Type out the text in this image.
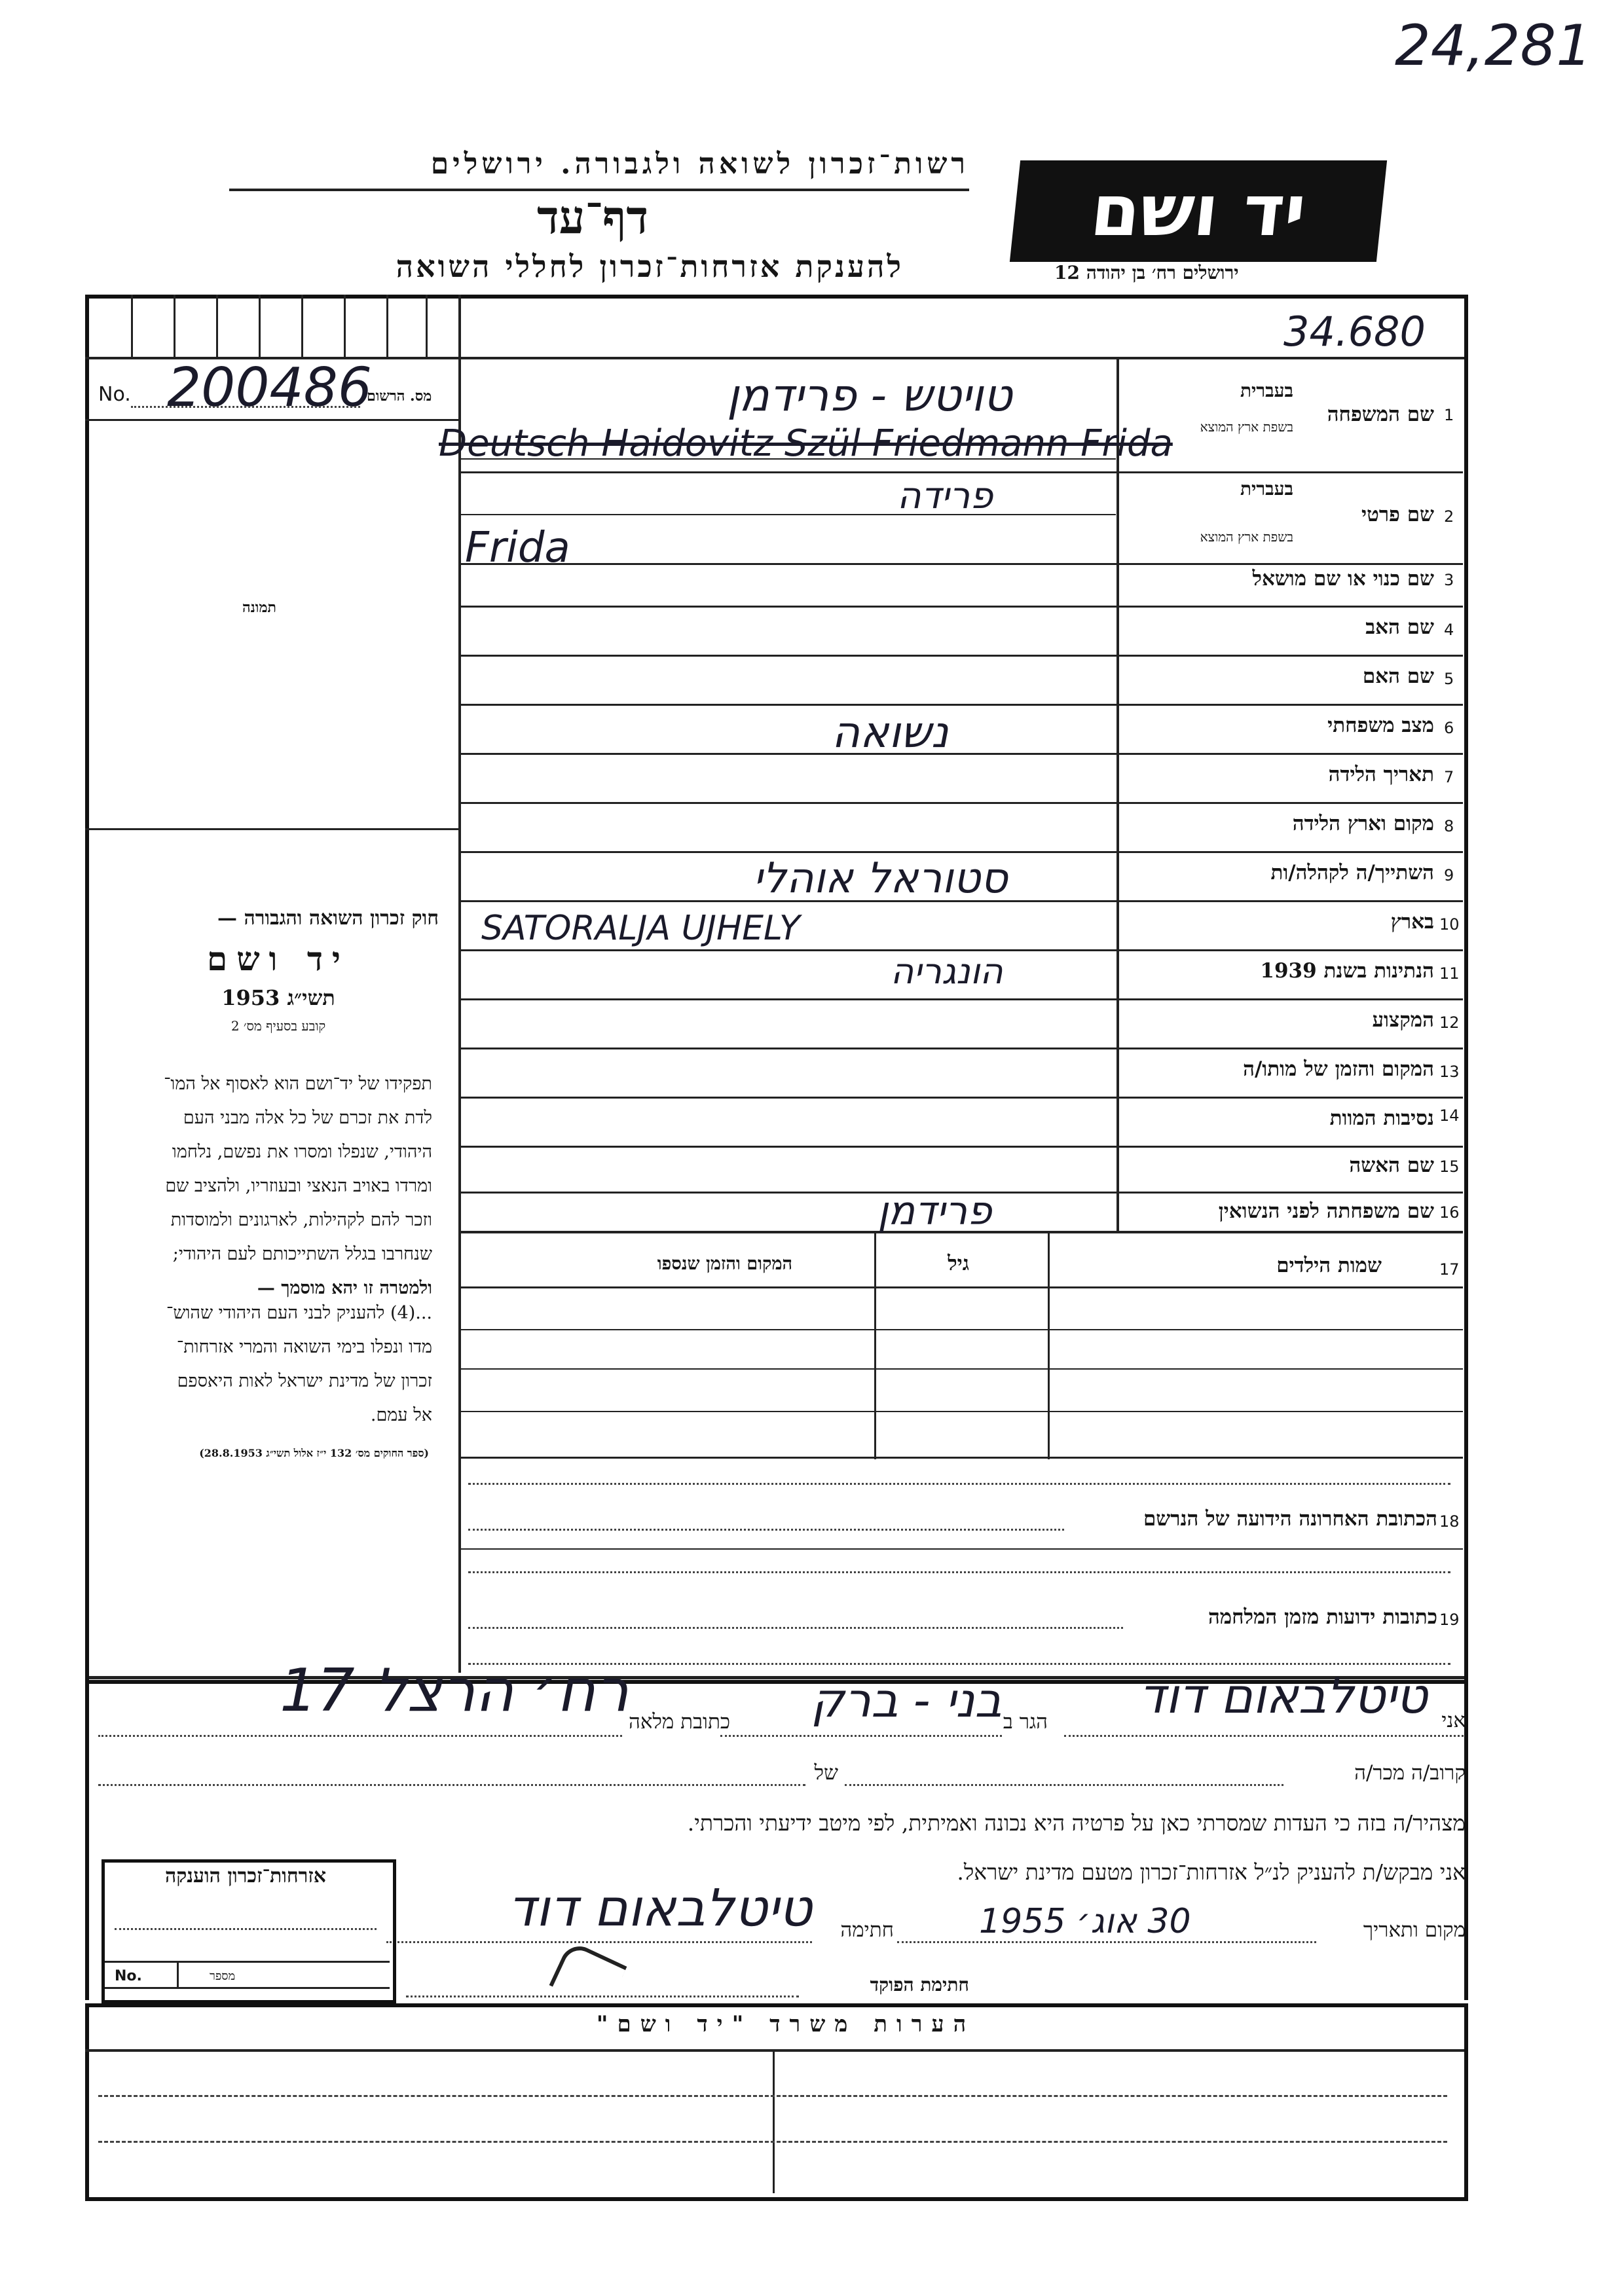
24,281
רשות־זכרון לשואה ולגבורה. ירושלים
דף־עד
להענקת אזרחות־זכרון לחללי השואה
יד ושם
ירושלים רח׳ בן יהודה 12
34.680
No. 200486
מס. הרשום
תמונה
חוק זכרון השואה והגבורה —
יד ושם
תשי״ג 1953
קובע בסעיף מס׳ 2
תפקידו של יד־ושם הוא לאסוף אל המו־
לדת את זכרם של כל אלה מבני העם
היהודי, שנפלו ומסרו את נפשם, נלחמו
ומרדו באויב הנאצי ובעוזריו, ולהציב שם
וזכר להם לקהילות, לארגונים ולמוסדות
שנחרבו בגלל השתייכותם לעם היהודי;
ולמטרה זו יהא מוסמך —
...(4) להעניק לבני העם היהודי שהוש־
מדו ונפלו בימי השואה והמרי אזרחות־
זכרון של מדינת ישראל לאות היאספם
אל עמם.
(ספר החוקים מס׳ 132 י״ז אלול תשי״ג 28.8.1953)
1
שם המשפחה
בעברית
בשפת ארץ המוצא
2
שם פרטי
בעברית
בשפת ארץ המוצא
3
שם כנוי או שם מושאל
4
שם האב
5
שם האם
6
מצב משפחתי
7
תאריך הלידה
8
מקום וארץ הלידה
9
השתייך/ה לקהלה/ות
10
בארץ
11
הנתינות בשנת 1939
12
המקצוע
13
המקום והזמן של מותו/ה
14
נסיבות המוות
15
שם האשה
16
שם משפחתה לפני הנשואין
טויטש - פרידמן
Deutsch Haidovitz Szül Friedmann Frida
פרידה
Frida
נשואה
סטוראל אוהלי
SATORALJA UJHELY
הונגריה
פרידמן
17
שמות הילדים
גיל
המקום והזמן שנספו
18
הכתובת האחרונה הידועה של הנרשם
19
כתובות ידועות מזמן המלחמה
אני
טיטלבאום דוד
הגר ב
בני - ברק
כתובת מלאה
רח׳ הרצל 17
קרוב/ה מכר/ה
של
מצהיר/ה בזה כי העדות שמסרתי כאן על פרטיה היא נכונה ואמיתית, לפי מיטב ידיעתי והכרתי.
אני מבקש/ת להעניק לנ״ל אזרחות־זכרון מטעם מדינת ישראל.
מקום ותאריך
30 אוג׳ 1955
חתימה
טיטלבאום דוד
חתימת הפוקד
אזרחות־זכרון הוענקה
No.	מספר
הערות משרד "יד ושם"
